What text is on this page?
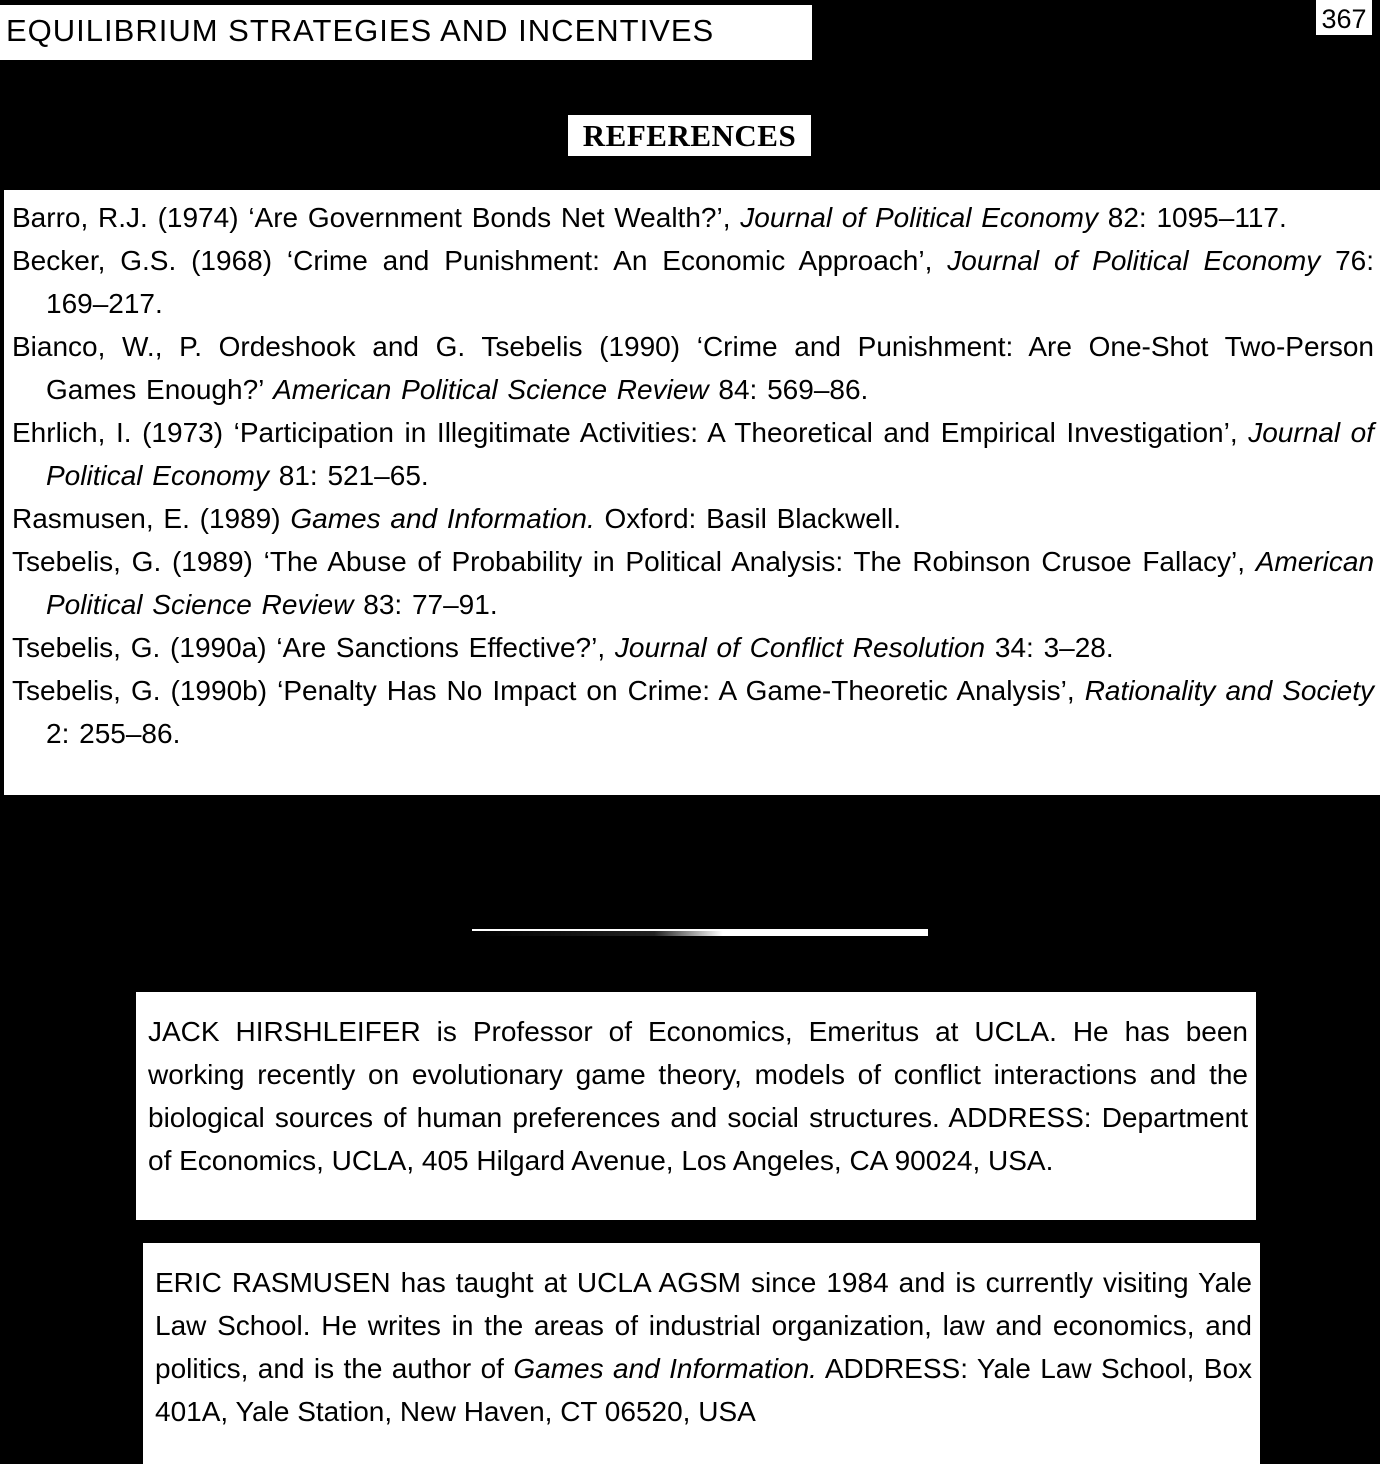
EQUILIBRIUM STRATEGIES AND INCENTIVES	367
REFERENCES
Barro, R.J. (1974) ‘Are Government Bonds Net Wealth?’, Journal of Political Economy 82: 1095–117.
Becker, G.S. (1968) ‘Crime and Punishment: An Economic Approach’, Journal of Political Economy 76: 169–217.
Bianco, W., P. Ordeshook and G. Tsebelis (1990) ‘Crime and Punishment: Are One-Shot Two-Person Games Enough?’ American Political Science Review 84: 569–86.
Ehrlich, I. (1973) ‘Participation in Illegitimate Activities: A Theoretical and Empirical Investigation’, Journal of Political Economy 81: 521–65.
Rasmusen, E. (1989) Games and Information. Oxford: Basil Blackwell.
Tsebelis, G. (1989) ‘The Abuse of Probability in Political Analysis: The Robinson Crusoe Fallacy’, American Political Science Review 83: 77–91.
Tsebelis, G. (1990a) ‘Are Sanctions Effective?’, Journal of Conflict Resolution 34: 3–28.
Tsebelis, G. (1990b) ‘Penalty Has No Impact on Crime: A Game-Theoretic Analysis’, Rationality and Society 2: 255–86.
JACK HIRSHLEIFER is Professor of Economics, Emeritus at UCLA. He has been working recently on evolutionary game theory, models of conflict interactions and the biological sources of human preferences and social structures. ADDRESS: Department of Economics, UCLA, 405 Hilgard Avenue, Los Angeles, CA 90024, USA.
ERIC RASMUSEN has taught at UCLA AGSM since 1984 and is currently visiting Yale Law School. He writes in the areas of industrial organization, law and economics, and politics, and is the author of Games and Information. ADDRESS: Yale Law School, Box 401A, Yale Station, New Haven, CT 06520, USA
